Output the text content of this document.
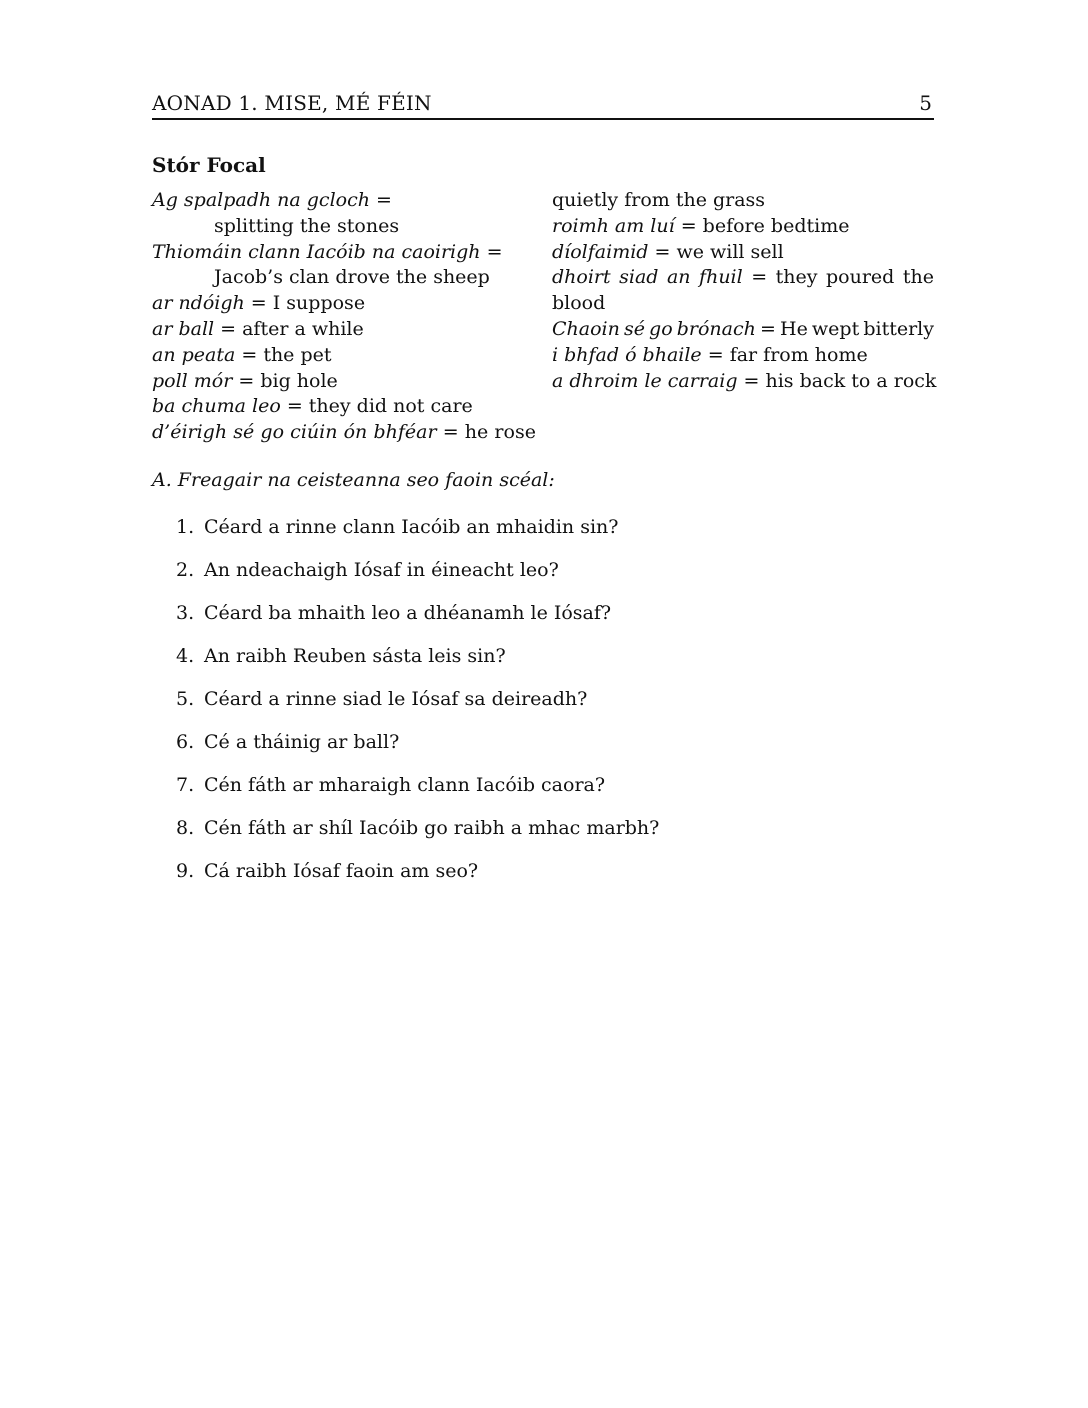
AONAD 1. MISE, MÉ FÉIN	5
Stór Focal
Ag spalpadh na gcloch =
splitting the stones
Thiomáin clann Iacóib na caoirigh =
Jacob’s clan drove the sheep
ar ndóigh = I suppose
ar ball = after a while
an peata = the pet
poll mór = big hole
ba chuma leo = they did not care
d’éirigh sé go ciúin ón bhféar = he rose
quietly from the grass
roimh am luí = before bedtime
díolfaimid = we will sell
dhoirt siad an fhuil = they poured the
blood
Chaoin sé go brónach = He wept bitterly
i bhfad ó bhaile = far from home
a dhroim le carraig = his back to a rock
A. Freagair na ceisteanna seo faoin scéal:
1. Céard a rinne clann Iacóib an mhaidin sin?
2. An ndeachaigh Iósaf in éineacht leo?
3. Céard ba mhaith leo a dhéanamh le Iósaf?
4. An raibh Reuben sásta leis sin?
5. Céard a rinne siad le Iósaf sa deireadh?
6. Cé a tháinig ar ball?
7. Cén fáth ar mharaigh clann Iacóib caora?
8. Cén fáth ar shíl Iacóib go raibh a mhac marbh?
9. Cá raibh Iósaf faoin am seo?
